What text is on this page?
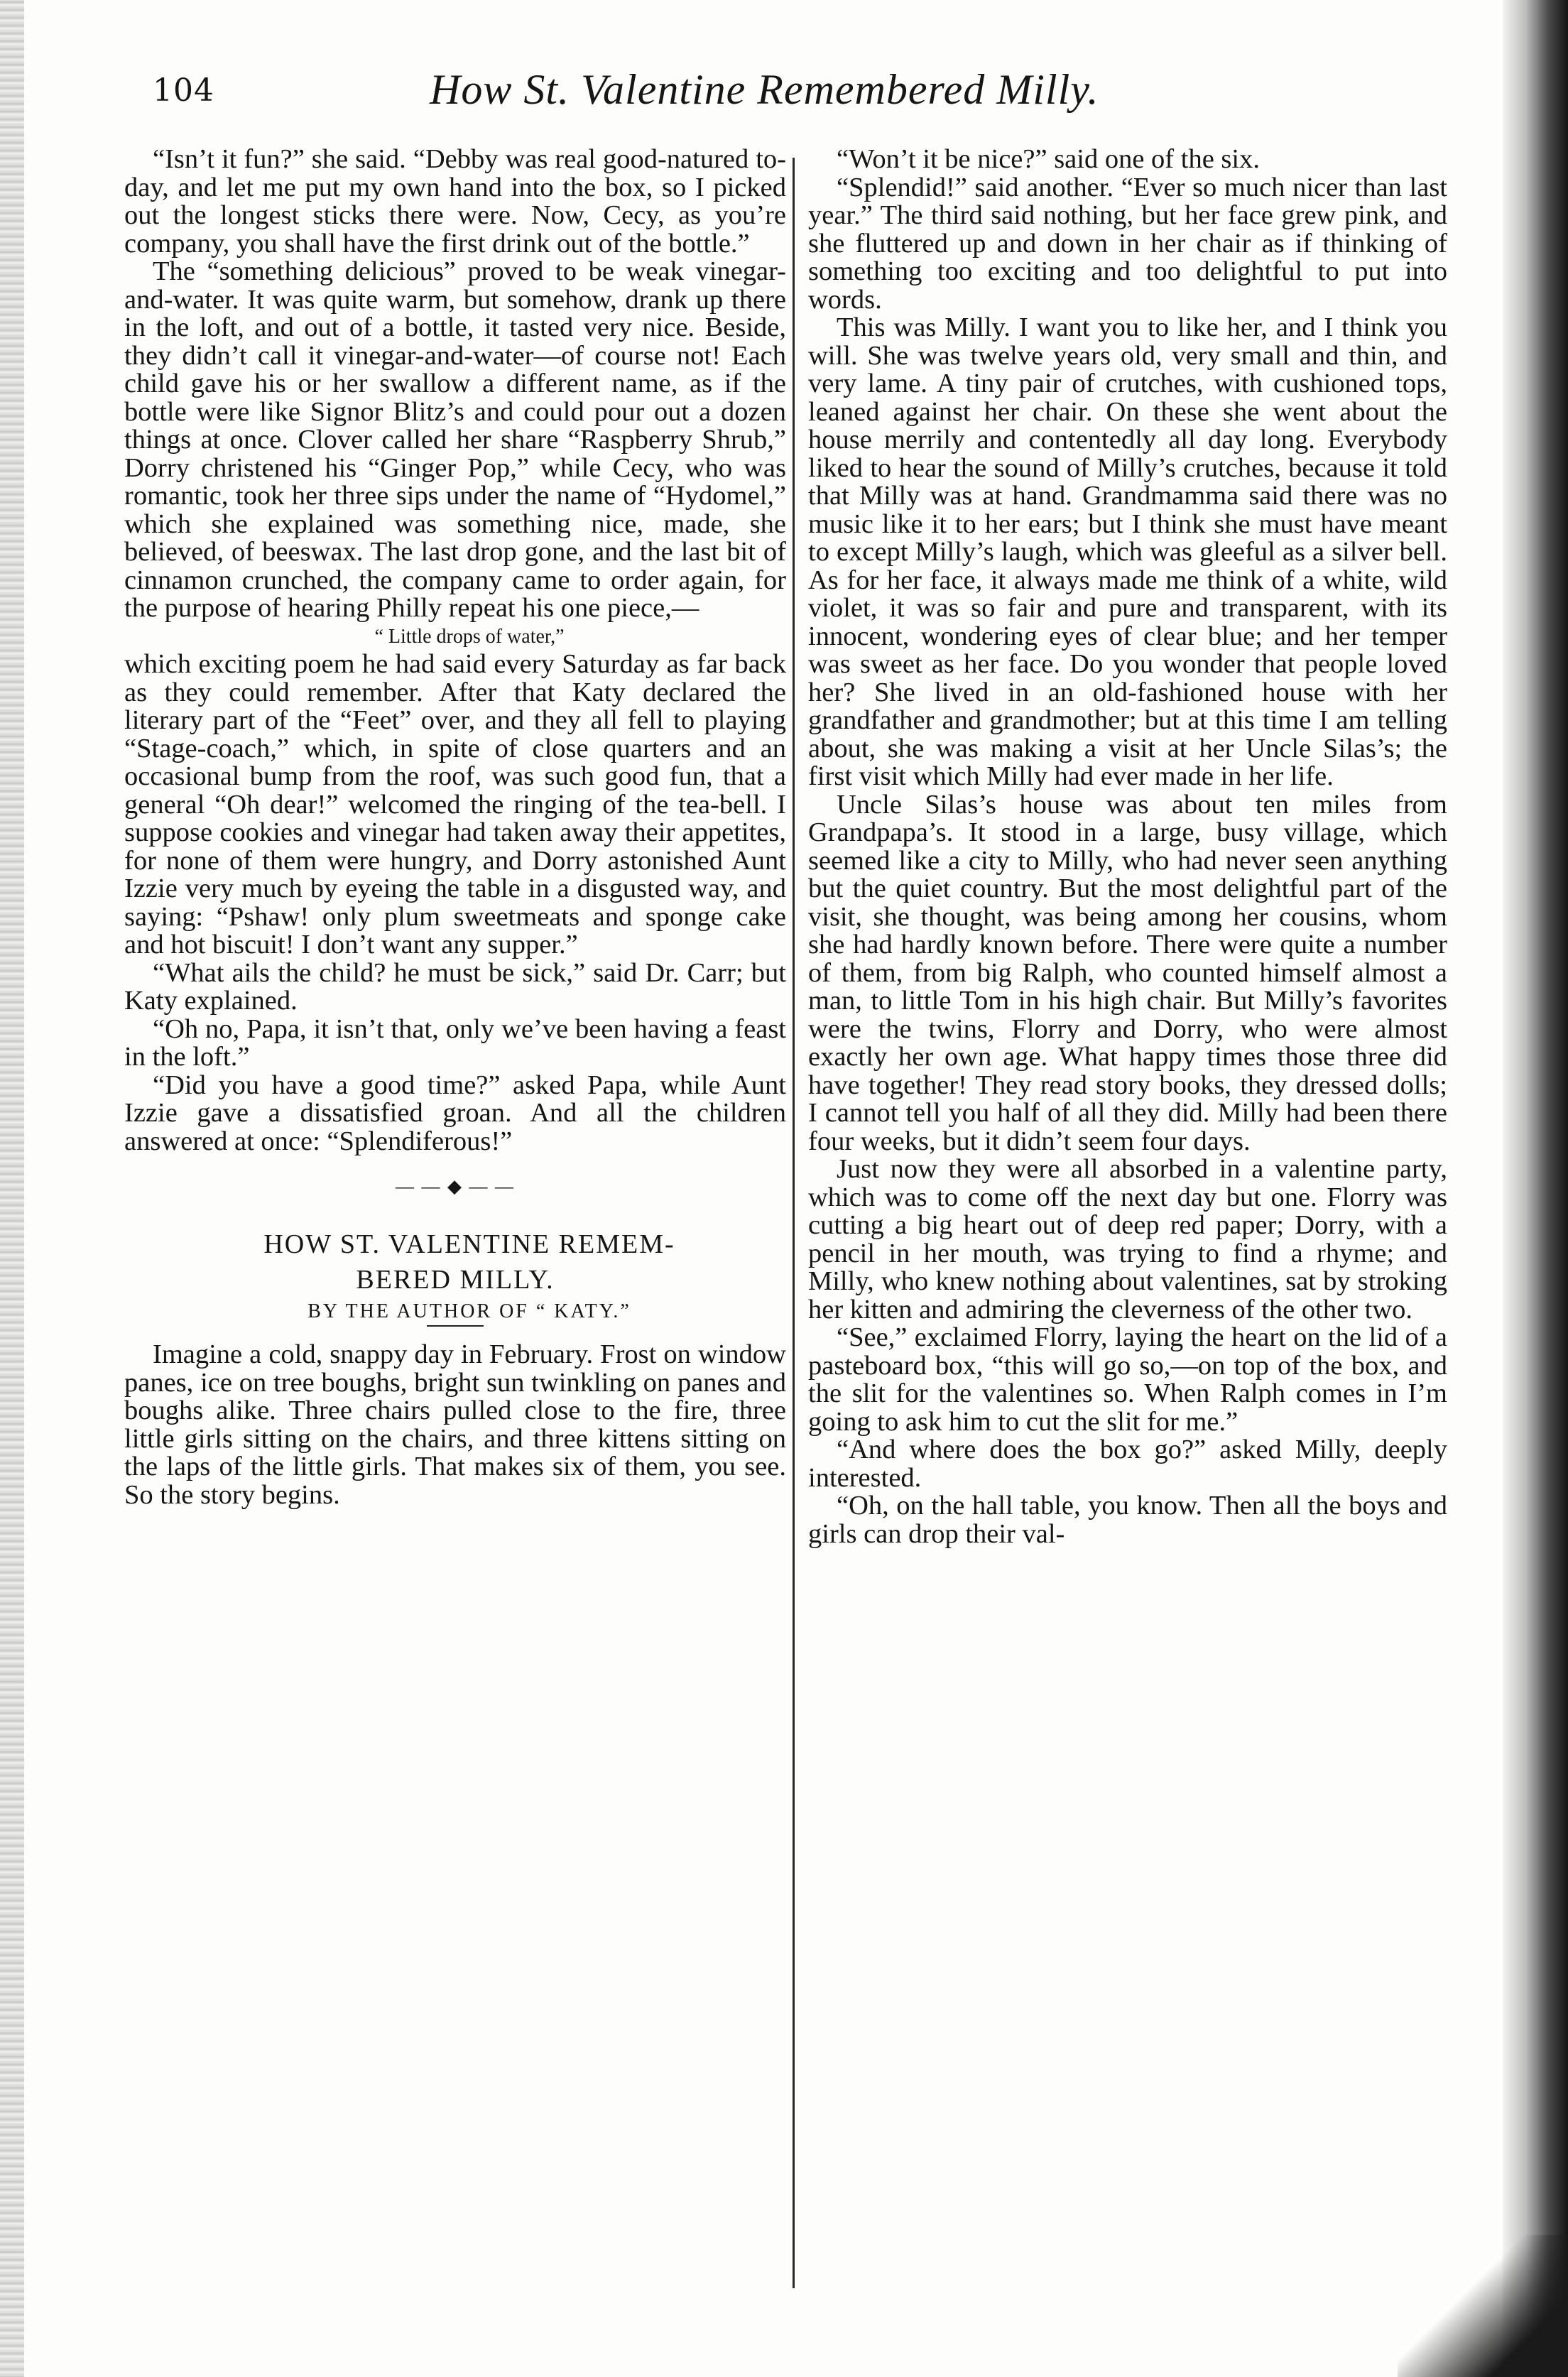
104	How St. Valentine Remembered Milly.

“Isn’t it fun?” she said. “Debby was real good-natured to-day, and let me put my own hand into the box, so I picked out the longest sticks there were. Now, Cecy, as you’re company, you shall have the first drink out of the bottle.”

The “something delicious” proved to be weak vinegar-and-water. It was quite warm, but somehow, drank up there in the loft, and out of a bottle, it tasted very nice. Beside, they didn’t call it vinegar-and-water—of course not! Each child gave his or her swallow a different name, as if the bottle were like Signor Blitz’s and could pour out a dozen things at once. Clover called her share “Raspberry Shrub,” Dorry christened his “Ginger Pop,” while Cecy, who was romantic, took her three sips under the name of “Hydomel,” which she explained was something nice, made, she believed, of beeswax. The last drop gone, and the last bit of cinnamon crunched, the company came to order again, for the purpose of hearing Philly repeat his one piece,—

“ Little drops of water,”

which exciting poem he had said every Saturday as far back as they could remember. After that Katy declared the literary part of the “Feet” over, and they all fell to playing “Stage-coach,” which, in spite of close quarters and an occasional bump from the roof, was such good fun, that a general “Oh dear!” welcomed the ringing of the tea-bell. I suppose cookies and vinegar had taken away their appetites, for none of them were hungry, and Dorry astonished Aunt Izzie very much by eyeing the table in a disgusted way, and saying: “Pshaw! only plum sweetmeats and sponge cake and hot biscuit! I don’t want any supper.”

“What ails the child? he must be sick,” said Dr. Carr; but Katy explained.

“Oh no, Papa, it isn’t that, only we’ve been having a feast in the loft.”

“Did you have a good time?” asked Papa, while Aunt Izzie gave a dissatisfied groan. And all the children answered at once: “Splendiferous!”

— — ◆ — —

HOW ST. VALENTINE REMEM-
BERED MILLY.

BY THE AUTHOR OF “ KATY.”

Imagine a cold, snappy day in February. Frost on window panes, ice on tree boughs, bright sun twinkling on panes and boughs alike. Three chairs pulled close to the fire, three little girls sitting on the chairs, and three kittens sitting on the laps of the little girls. That makes six of them, you see. So the story begins.

“Won’t it be nice?” said one of the six.

“Splendid!” said another. “Ever so much nicer than last year.” The third said nothing, but her face grew pink, and she fluttered up and down in her chair as if thinking of something too exciting and too delightful to put into words.

This was Milly. I want you to like her, and I think you will. She was twelve years old, very small and thin, and very lame. A tiny pair of crutches, with cushioned tops, leaned against her chair. On these she went about the house merrily and contentedly all day long. Everybody liked to hear the sound of Milly’s crutches, because it told that Milly was at hand. Grandmamma said there was no music like it to her ears; but I think she must have meant to except Milly’s laugh, which was gleeful as a silver bell. As for her face, it always made me think of a white, wild violet, it was so fair and pure and transparent, with its innocent, wondering eyes of clear blue; and her temper was sweet as her face. Do you wonder that people loved her? She lived in an old-fashioned house with her grandfather and grandmother; but at this time I am telling about, she was making a visit at her Uncle Silas’s; the first visit which Milly had ever made in her life.

Uncle Silas’s house was about ten miles from Grandpapa’s. It stood in a large, busy village, which seemed like a city to Milly, who had never seen anything but the quiet country. But the most delightful part of the visit, she thought, was being among her cousins, whom she had hardly known before. There were quite a number of them, from big Ralph, who counted himself almost a man, to little Tom in his high chair. But Milly’s favorites were the twins, Florry and Dorry, who were almost exactly her own age. What happy times those three did have together! They read story books, they dressed dolls; I cannot tell you half of all they did. Milly had been there four weeks, but it didn’t seem four days.

Just now they were all absorbed in a valentine party, which was to come off the next day but one. Florry was cutting a big heart out of deep red paper; Dorry, with a pencil in her mouth, was trying to find a rhyme; and Milly, who knew nothing about valentines, sat by stroking her kitten and admiring the cleverness of the other two.

“See,” exclaimed Florry, laying the heart on the lid of a pasteboard box, “this will go so,—on top of the box, and the slit for the valentines so. When Ralph comes in I’m going to ask him to cut the slit for me.”

“And where does the box go?” asked Milly, deeply interested.

“Oh, on the hall table, you know. Then all the boys and girls can drop their val-
